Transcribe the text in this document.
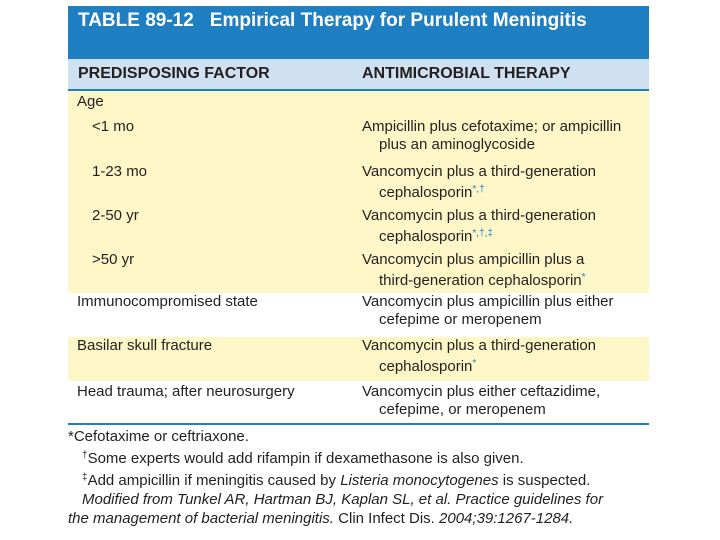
TABLE 89-12 Empirical Therapy for Purulent Meningitis
PREDISPOSING FACTOR	ANTIMICROBIAL THERAPY
Age
<1 mo	Ampicillin plus cefotaxime; or ampicillin
plus an aminoglycoside
1-23 mo	Vancomycin plus a third-generation
cephalosporin*,†
2-50 yr	Vancomycin plus a third-generation
cephalosporin*,†,‡
>50 yr	Vancomycin plus ampicillin plus a
third-generation cephalosporin*
Immunocompromised state	Vancomycin plus ampicillin plus either
cefepime or meropenem
Basilar skull fracture	Vancomycin plus a third-generation
cephalosporin*
Head trauma; after neurosurgery	Vancomycin plus either ceftazidime,
cefepime, or meropenem
*Cefotaxime or ceftriaxone.
†Some experts would add rifampin if dexamethasone is also given.
‡Add ampicillin if meningitis caused by Listeria monocytogenes is suspected.
Modified from Tunkel AR, Hartman BJ, Kaplan SL, et al. Practice guidelines for
the management of bacterial meningitis. Clin Infect Dis. 2004;39:1267-1284.
